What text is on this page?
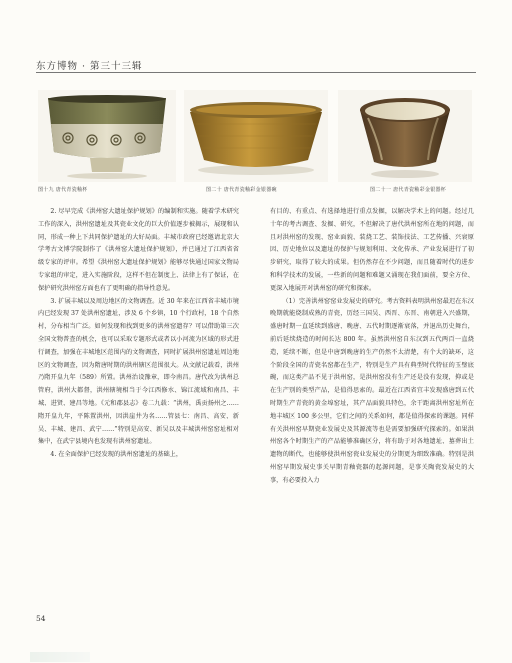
东方博物 · 第三十三辑
图十九 唐代青瓷釉杯	图二十 唐代青瓷釉彩金银器碗	图二十一 唐代青瓷釉彩金银器杯

2. 尽早完成《洪州窑大遗址保护规划》的编制和实施。随着学术研究工作的深入，洪州窑遗址及其瓷业文化的巨大价值逐步被揭示，展现和认同，形成一种上下共同保护遗址的大好局面。丰城市政府已经邀请北京大学考古文博学院制作了《洪州窑大遗址保护规划》，并已通过了江西省省级专家的评审。希望《洪州窑大遗址保护规划》能够尽快通过国家文物局专家组的审定，进入实施阶段，这样不但在制度上、法律上有了保证，在保护研究洪州窑方面也有了更明确的指导性意见。

3. 扩展丰城以及周边地区的文物调查。近 30 年来在江西省丰城市境内已经发现 37 处洪州窑遗址，涉及 6 个乡镇，10 个行政村，18 个自然村，分布相当广泛。如何发现和找到更多的洪州窑遗存？可以借助第三次全国文物普查的机会，也可以采取专题形式或者以小河流为区域的形式进行调查，加强在丰城地区范围内的文物调查，同时扩展洪州窑遗址周边地区的文物调查，因为隋唐时期的洪州辖区范围很大。从文献记载看，洪州乃隋开皇九年（589）所置。洪州治设豫章，即今南昌。唐代改为洪州总管府，洪州大都督，洪州辖境相当于今江西修水、锦江流域和南昌、丰城、进贤、建昌等地。《元和郡县志》卷二九载：“洪州，禹贡扬州之……隋开皇九年，平陈置洪州，因洪崖井为名……管县七：南昌、高安、新吴、丰城、建昌、武宁……”特别是高安、新吴以及丰城洪州窑窑址相对集中，在武宁县境内也发现有洪州窑遗址。

4. 在全面保护已经发现的洪州窑遗址的基础上，

有目的、有重点、有选择地进行重点发掘，以解决学术上的问题。经过几十年的考古调查、发掘、研究，不但解决了唐代洪州窑所在地的问题，而且对洪州窑的发现、窑业面貌、装烧工艺、装饰技法、工艺传播、兴衰原因、历史地位以及遗址的保护与规划利用、文化传承、产业发展进行了初步研究，取得了较大的成果。但仍然存在不少问题，而且随着时代的进步和科学技术的发展，一些新的问题和难题又涌现在我们面前，要全方位、更深入地展开对洪州窑的研究和探索。

（1）完善洪州窑窑业发展史的研究。考古资料表明洪州窑最迟在东汉晚期就能烧制成熟的青瓷，历经三国吴、西晋、东晋、南朝进入兴盛期，盛唐时期一直延续到盛唐、晚唐、五代时期逐渐衰落，并退出历史舞台，前后延续烧造的时间长达 800 年。虽然洪州窑自东汉到五代两百一直烧造，延续不断，但是中唐到晚唐的生产仍然不太清楚，有个大的缺环，这个阶段全国的青瓷名窑都在生产，特别是生产具有典型时代特征的玉璧底碗，而这类产品不见于洪州窑，是洪州窑没有生产还是没有发现，抑或是在生产别的类型产品，是值得思索的。最近在江西省宜丰发现盛唐到五代时期生产青瓷的黄金埠窑址，其产品面貌具特色，余干距离洪州窑址所在地丰城区 100 多公里，它们之间的关系如何，都是值得探索的课题。同样有关洪州窑早期瓷业发展史及其源流等也是需要加强研究探索的。如果洪州窑各个时期生产的产品能够准确区分，将有助于对各地遗址、墓葬出土遗物的断代，也能够使洪州窑瓷业发展史的分期更为细致准确。特别是洪州窑早期发展史事关早期青釉瓷器的起源问题，是事关陶瓷发展史的大事，有必要投入力

54
